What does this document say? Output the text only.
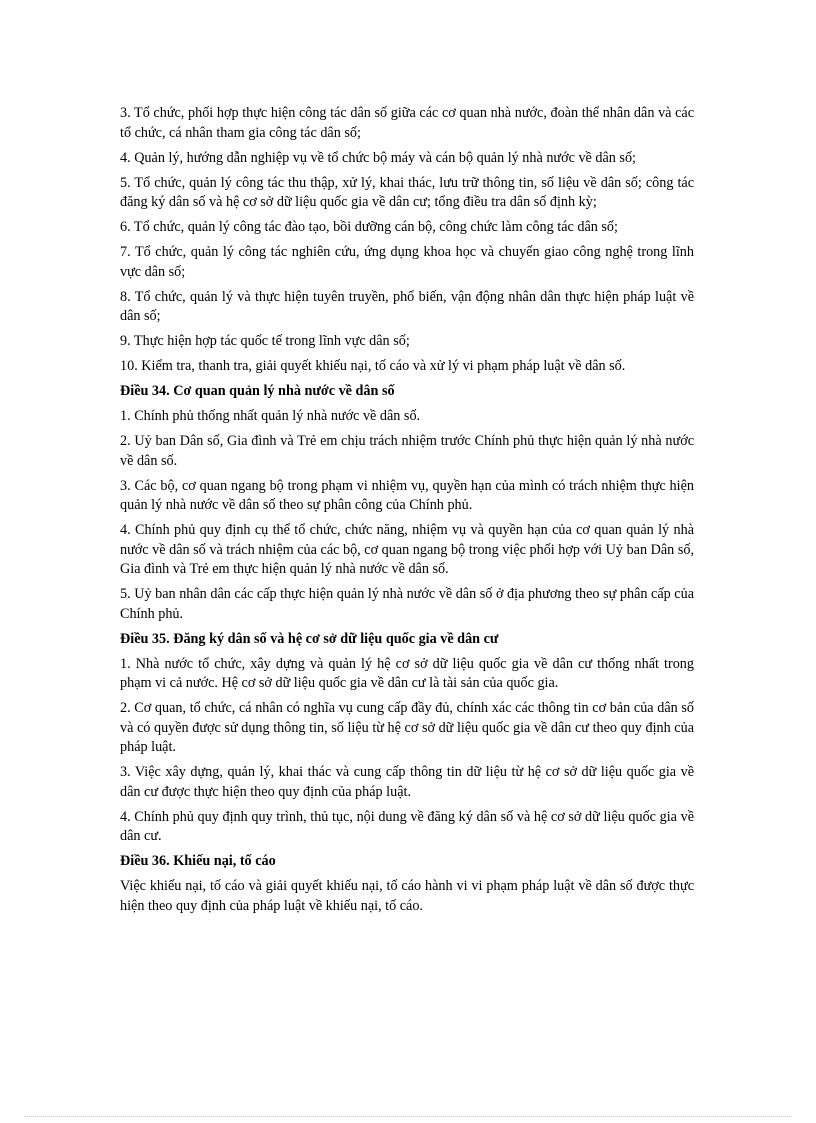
3. Tổ chức, phối hợp thực hiện công tác dân số giữa các cơ quan nhà nước, đoàn thể nhân dân và các tổ chức, cá nhân tham gia công tác dân số;

4. Quản lý, hướng dẫn nghiệp vụ về tổ chức bộ máy và cán bộ quản lý nhà nước về dân số;

5. Tổ chức, quản lý công tác thu thập, xử lý, khai thác, lưu trữ thông tin, số liệu về dân số; công tác đăng ký dân số và hệ cơ sở dữ liệu quốc gia về dân cư; tổng điều tra dân số định kỳ;

6. Tổ chức, quản lý công tác đào tạo, bồi dưỡng cán bộ, công chức làm công tác dân số;

7. Tổ chức, quản lý công tác nghiên cứu, ứng dụng khoa học và chuyển giao công nghệ trong lĩnh vực dân số;

8. Tổ chức, quản lý và thực hiện tuyên truyền, phổ biến, vận động nhân dân thực hiện pháp luật về dân số;

9. Thực hiện hợp tác quốc tế trong lĩnh vực dân số;

10. Kiểm tra, thanh tra, giải quyết khiếu nại, tố cáo và xử lý vi phạm pháp luật về dân số.

Điều 34. Cơ quan quản lý nhà nước về dân số

1. Chính phủ thống nhất quản lý nhà nước về dân số.

2. Uỷ ban Dân số, Gia đình và Trẻ em chịu trách nhiệm trước Chính phủ thực hiện quản lý nhà nước về dân số.

3. Các bộ, cơ quan ngang bộ trong phạm vi nhiệm vụ, quyền hạn của mình có trách nhiệm thực hiện quản lý nhà nước về dân số theo sự phân công của Chính phủ.

4. Chính phủ quy định cụ thể tổ chức, chức năng, nhiệm vụ và quyền hạn của cơ quan quản lý nhà nước về dân số và trách nhiệm của các bộ, cơ quan ngang bộ trong việc phối hợp với Uỷ ban Dân số, Gia đình và Trẻ em thực hiện quản lý nhà nước về dân số.

5. Uỷ ban nhân dân các cấp thực hiện quản lý nhà nước về dân số ở địa phương theo sự phân cấp của Chính phủ.

Điều 35. Đăng ký dân số và hệ cơ sở dữ liệu quốc gia về dân cư

1. Nhà nước tổ chức, xây dựng và quản lý hệ cơ sở dữ liệu quốc gia về dân cư thống nhất trong phạm vi cả nước. Hệ cơ sở dữ liệu quốc gia về dân cư là tài sản của quốc gia.

2. Cơ quan, tổ chức, cá nhân có nghĩa vụ cung cấp đầy đủ, chính xác các thông tin cơ bản của dân số và có quyền được sử dụng thông tin, số liệu từ hệ cơ sở dữ liệu quốc gia về dân cư theo quy định của pháp luật.

3. Việc xây dựng, quản lý, khai thác và cung cấp thông tin dữ liệu từ hệ cơ sở dữ liệu quốc gia về dân cư được thực hiện theo quy định của pháp luật.

4. Chính phủ quy định quy trình, thủ tục, nội dung về đăng ký dân số và hệ cơ sở dữ liệu quốc gia về dân cư.

Điều 36. Khiếu nại, tố cáo

Việc khiếu nại, tố cáo và giải quyết khiếu nại, tố cáo hành vi vi phạm pháp luật về dân số được thực hiện theo quy định của pháp luật về khiếu nại, tố cáo.
